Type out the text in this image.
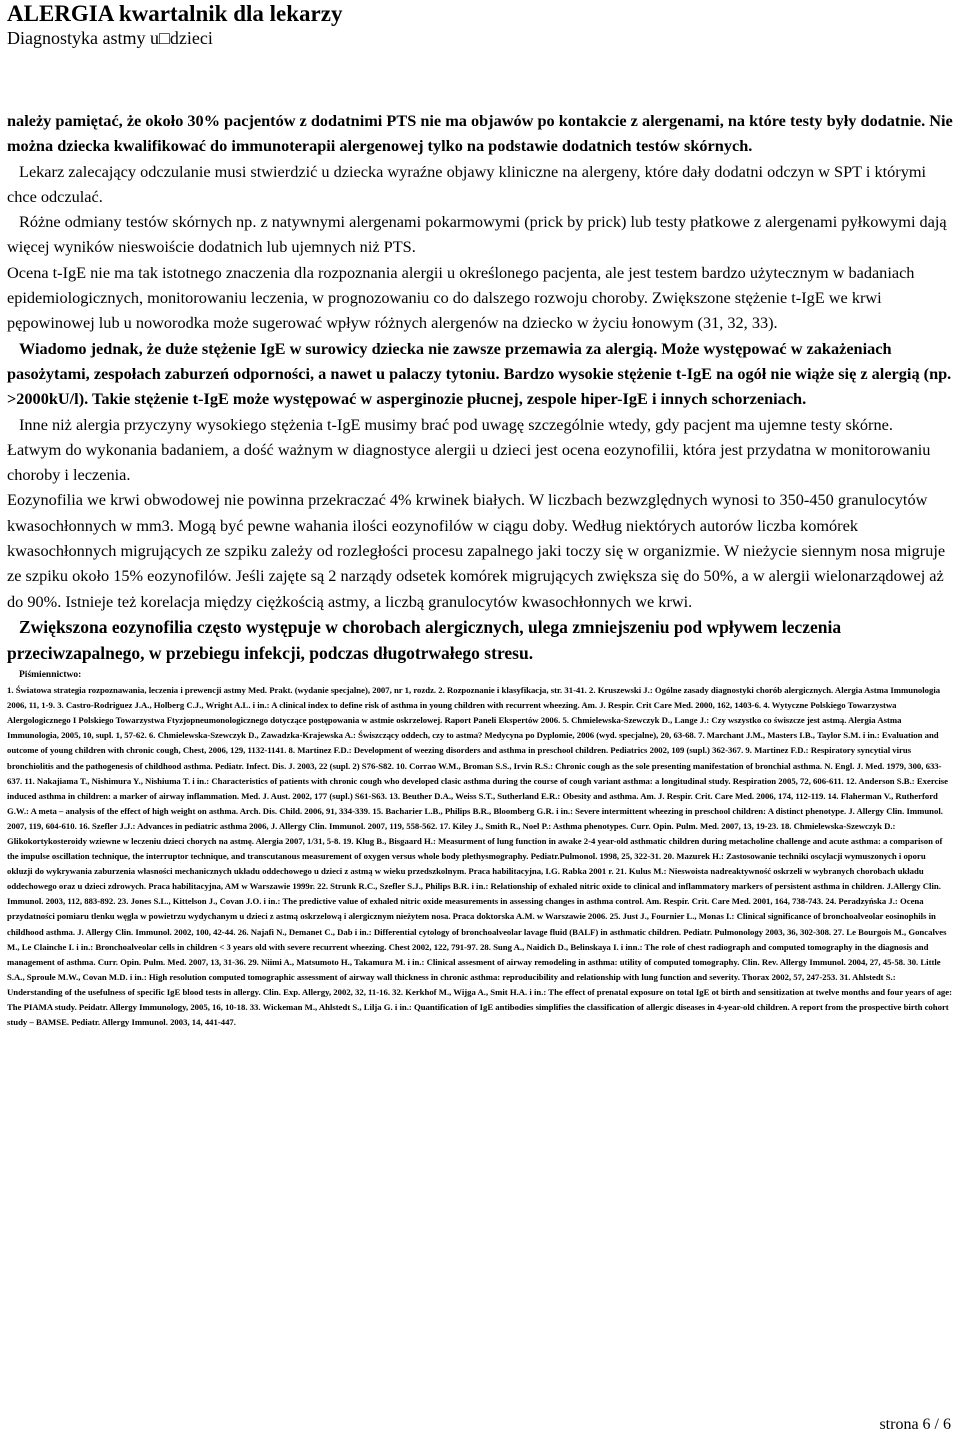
ALERGIA kwartalnik dla lekarzy
Diagnostyka astmy u□dzieci

należy pamiętać, że około 30% pacjentów z dodatnimi PTS nie ma objawów po kontakcie z alergenami, na które testy były dodatnie. Nie można dziecka kwalifikować do immunoterapii alergenowej tylko na podstawie dodatnich testów skórnych.

Lekarz zalecający odczulanie musi stwierdzić u dziecka wyraźne objawy kliniczne na alergeny, które dały dodatni odczyn w SPT i którymi chce odczulać.

Różne odmiany testów skórnych np. z natywnymi alergenami pokarmowymi (prick by prick) lub testy płatkowe z alergenami pyłkowymi dają więcej wyników nieswoiście dodatnich lub ujemnych niż PTS.

Ocena t-IgE nie ma tak istotnego znaczenia dla rozpoznania alergii u określonego pacjenta, ale jest testem bardzo użytecznym w badaniach epidemiologicznych, monitorowaniu leczenia, w prognozowaniu co do dalszego rozwoju choroby. Zwiększone stężenie t-IgE we krwi pępowinowej lub u noworodka może sugerować wpływ różnych alergenów na dziecko w życiu łonowym (31, 32, 33).

Wiadomo jednak, że duże stężenie IgE w surowicy dziecka nie zawsze przemawia za alergią. Może występować w zakażeniach pasożytami, zespołach zaburzeń odporności, a nawet u palaczy tytoniu. Bardzo wysokie stężenie t-IgE na ogół nie wiąże się z alergią (np. >2000kU/l). Takie stężenie t-IgE może występować w asperginozie płucnej, zespole hiper-IgE i innych schorzeniach.

Inne niż alergia przyczyny wysokiego stężenia t-IgE musimy brać pod uwagę szczególnie wtedy, gdy pacjent ma ujemne testy skórne.

Łatwym do wykonania badaniem, a dość ważnym w diagnostyce alergii u dzieci jest ocena eozynofilii, która jest przydatna w monitorowaniu choroby i leczenia.

Eozynofilia we krwi obwodowej nie powinna przekraczać 4% krwinek białych. W liczbach bezwzględnych wynosi to 350-450 granulocytów kwasochłonnych w mm3. Mogą być pewne wahania ilości eozynofilów w ciągu doby. Według niektórych autorów liczba komórek kwasochłonnych migrujących ze szpiku zależy od rozległości procesu zapalnego jaki toczy się w organizmie. W nieżycie siennym nosa migruje ze szpiku około 15% eozynofilów. Jeśli zajęte są 2 narządy odsetek komórek migrujących zwiększa się do 50%, a w alergii wielonarządowej aż do 90%. Istnieje też korelacja między ciężkością astmy, a liczbą granulocytów kwasochłonnych we krwi.

Zwiększona eozynofilia często występuje w chorobach alergicznych, ulega zmniejszeniu pod wpływem leczenia przeciwzapalnego, w przebiegu infekcji, podczas długotrwałego stresu.

Piśmiennictwo:
1. Światowa strategia rozpoznawania, leczenia i prewencji astmy Med. Prakt. (wydanie specjalne), 2007, nr 1, rozdz. 2. Rozpoznanie i klasyfikacja, str. 31-41. 2. Kruszewski J.: Ogólne zasady diagnostyki chorób alergicznych. Alergia Astma Immunologia 2006, 11, 1-9. 3. Castro-Rodriguez J.A., Holberg C.J., Wright A.L. i in.: A clinical index to define risk of asthma in young children with recurrent wheezing. Am. J. Respir. Crit Care Med. 2000, 162, 1403-6. 4. Wytyczne Polskiego Towarzystwa Alergologicznego I Polskiego Towarzystwa Ftyzjopneumonologicznego dotyczące postępowania w astmie oskrzelowej. Raport Paneli Ekspertów 2006. 5. Chmielewska-Szewczyk D., Lange J.: Czy wszystko co świszcze jest astmą. Alergia Astma Immunologia, 2005, 10, supl. 1, 57-62. 6. Chmielewska-Szewczyk D., Zawadzka-Krajewska A.: Świszczący oddech, czy to astma? Medycyna po Dyplomie, 2006 (wyd. specjalne), 20, 63-68. 7. Marchant J.M., Masters I.B., Taylor S.M. i in.: Evaluation and outcome of young children with chronic cough, Chest, 2006, 129, 1132-1141. 8. Martinez F.D.: Development of weezing disorders and asthma in preschool children. Pediatrics 2002, 109 (supl.) 362-367. 9. Martinez F.D.: Respiratory syncytial virus bronchiolitis and the pathogenesis of childhood asthma. Pediatr. Infect. Dis. J. 2003, 22 (supl. 2) S76-S82. 10. Corrao W.M., Broman S.S., Irvin R.S.: Chronic cough as the sole presenting manifestation of bronchial asthma. N. Engl. J. Med. 1979, 300, 633-637. 11. Nakajiama T., Nishimura Y., Nishiuma T. i in.: Characteristics of patients with chronic cough who developed clasic asthma during the course of cough variant asthma: a longitudinal study. Respiration 2005, 72, 606-611. 12. Anderson S.B.: Exercise induced asthma in children: a marker of airway inflammation. Med. J. Aust. 2002, 177 (supl.) S61-S63. 13. Beuther D.A., Weiss S.T., Sutherland E.R.: Obesity and asthma. Am. J. Respir. Crit. Care Med. 2006, 174, 112-119. 14. Flaherman V., Rutherford G.W.: A meta – analysis of the effect of high weight on asthma. Arch. Dis. Child. 2006, 91, 334-339. 15. Bacharier L.B., Philips B.R., Bloomberg G.R. i in.: Severe intermittent wheezing in preschool children: A distinct phenotype. J. Allergy Clin. Immunol. 2007, 119, 604-610. 16. Szefler J.J.: Advances in pediatric asthma 2006, J. Allergy Clin. Immunol. 2007, 119, 558-562. 17. Kiley J., Smith R., Noel P.: Asthma phenotypes. Curr. Opin. Pulm. Med. 2007, 13, 19-23. 18. Chmielewska-Szewczyk D.: Glikokortykosteroidy wziewne w leczeniu dzieci chorych na astmę. Alergia 2007, 1/31, 5-8. 19. Klug B., Bisgaard H.: Measurment of lung function in awake 2-4 year-old asthmatic children during metacholine challenge and acute asthma: a comparison of the impulse oscillation technique, the interruptor technique, and transcutanous measurement of oxygen versus whole body plethysmography. Pediatr.Pulmonol. 1998, 25, 322-31. 20. Mazurek H.: Zastosowanie techniki oscylacji wymuszonych i oporu okluzji do wykrywania zaburzenia własności mechanicznych układu oddechowego u dzieci z astmą w wieku przedszkolnym. Praca habilitacyjna, I.G. Rabka 2001 r. 21. Kulus M.: Nieswoista nadreaktywność oskrzeli w wybranych chorobach układu oddechowego oraz u dzieci zdrowych. Praca habilitacyjna, AM w Warszawie 1999r. 22. Strunk R.C., Szefler S.J., Philips B.R. i in.: Relationship of exhaled nitric oxide to clinical and inflammatory markers of persistent asthma in children. J.Allergy Clin. Immunol. 2003, 112, 883-892. 23. Jones S.L., Kittelson J., Covan J.O. i in.: The predictive value of exhaled nitric oxide measurements in assessing changes in asthma control. Am. Respir. Crit. Care Med. 2001, 164, 738-743. 24. Peradzyńska J.: Ocena przydatności pomiaru tlenku węgla w powietrzu wydychanym u dzieci z astmą oskrzelową i alergicznym nieżytem nosa. Praca doktorska A.M. w Warszawie 2006. 25. Just J., Fournier L., Monas I.: Clinical significance of bronchoalveolar eosinophils in childhood asthma. J. Allergy Clin. Immunol. 2002, 100, 42-44. 26. Najafi N., Demanet C., Dab i in.: Differential cytology of bronchoalveolar lavage fluid (BALF) in asthmatic children. Pediatr. Pulmonology 2003, 36, 302-308. 27. Le Bourgois M., Goncalves M., Le Clainche I. i in.: Bronchoalveolar cells in children < 3 years old with severe recurrent wheezing. Chest 2002, 122, 791-97. 28. Sung A., Naidich D., Belinskaya I. i inn.: The role of chest radiograph and computed tomography in the diagnosis and management of asthma. Curr. Opin. Pulm. Med. 2007, 13, 31-36. 29. Niimi A., Matsumoto H., Takamura M. i in.: Clinical assesment of airway remodeling in asthma: utility of computed tomography. Clin. Rev. Allergy Immunol. 2004, 27, 45-58. 30. Little S.A., Sproule M.W., Covan M.D. i in.: High resolution computed tomographic assessment of airway wall thickness in chronic asthma: reproducibility and relationship with lung function and severity. Thorax 2002, 57, 247-253. 31. Ahlstedt S.: Understanding of the usefulness of specific IgE blood tests in allergy. Clin. Exp. Allergy, 2002, 32, 11-16. 32. Kerkhof M., Wijga A., Smit H.A. i in.: The effect of prenatal exposure on total IgE ot birth and sensitization at twelve months and four years of age: The PIAMA study. Peidatr. Allergy Immunology, 2005, 16, 10-18. 33. Wickeman M., Ahlstedt S., Lilja G. i in.: Quantification of IgE antibodies simplifies the classification of allergic diseases in 4-year-old children. A report from the prospective birth cohort study – BAMSE. Pediatr. Allergy Immunol. 2003, 14, 441-447.
strona 6 / 6
